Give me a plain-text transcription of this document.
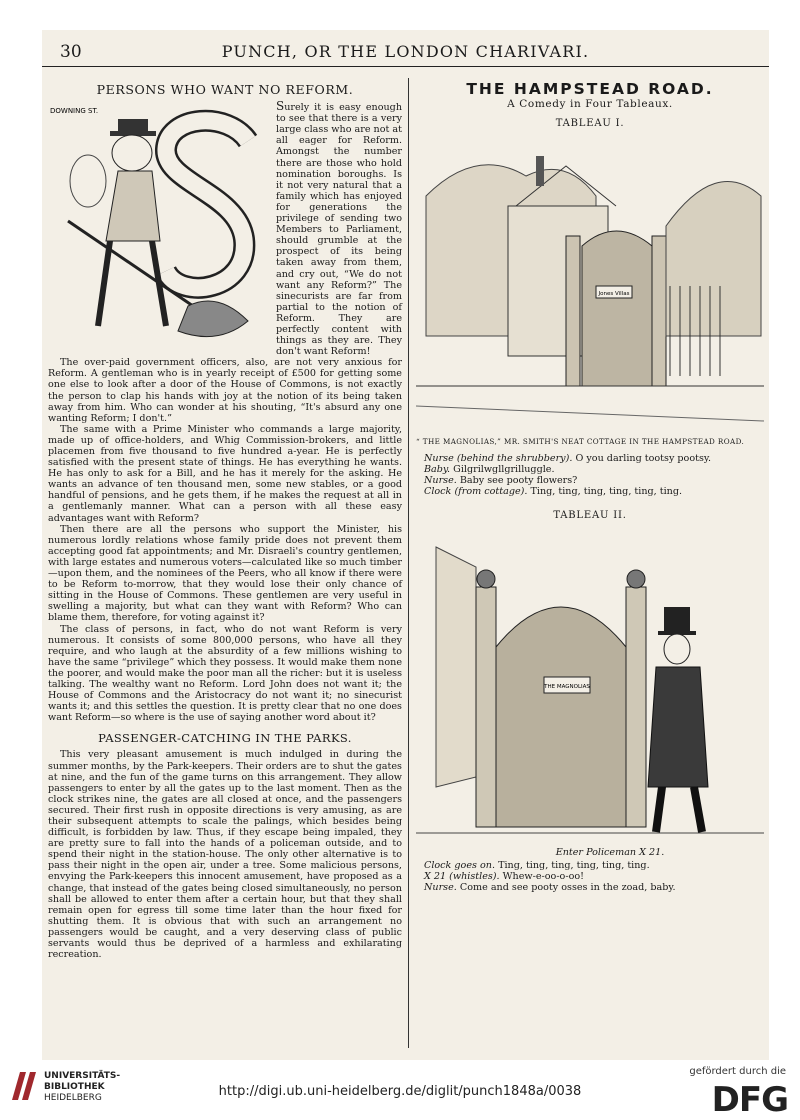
30	PUNCH, OR THE LONDON CHARIVARI.
PERSONS WHO WANT NO REFORM.
DOWNING ST.	Surely it is easy enough to see that there is a very large class who are not at all eager for Reform. Amongst the number there are those who hold nomination boroughs. Is it not very natural that a family which has enjoyed for generations the privilege of sending two Members to Parliament, should grumble at the prospect of its being taken away from them, and cry out, “We do not want any Reform?” The sinecurists are far from partial to the notion of Reform. They are perfectly content with things as they are. They don't want Reform!

The over-paid government officers, also, are not very anxious for Reform. A gentleman who is in yearly receipt of £500 for getting some one else to look after a door of the House of Commons, is not exactly the person to clap his hands with joy at the notion of its being taken away from him. Who can wonder at his shouting, “It's absurd any one wanting Reform; I don't.”

The same with a Prime Minister who commands a large majority, made up of office-holders, and Whig Commission-brokers, and little placemen from five thousand to five hundred a-year. He is perfectly satisfied with the present state of things. He has everything he wants. He has only to ask for a Bill, and he has it merely for the asking. He wants an advance of ten thousand men, some new stables, or a good handful of pensions, and he gets them, if he makes the request at all in a gentlemanly manner. What can a person with all these easy advantages want with Reform?

Then there are all the persons who support the Minister, his numerous lordly relations whose family pride does not prevent them accepting good fat appointments; and Mr. Disraeli's country gentlemen, with large estates and numerous voters—calculated like so much timber—upon them, and the nominees of the Peers, who all know if there were to be Reform to-morrow, that they would lose their only chance of sitting in the House of Commons. These gentlemen are very useful in swelling a majority, but what can they want with Reform? Who can blame them, therefore, for voting against it?

The class of persons, in fact, who do not want Reform is very numerous. It consists of some 800,000 persons, who have all they require, and who laugh at the absurdity of a few millions wishing to have the same “privilege” which they possess. It would make them none the poorer, and would make the poor man all the richer: but it is useless talking. The wealthy want no Reform. Lord John does not want it; the House of Commons and the Aristocracy do not want it; no sinecurist wants it; and this settles the question. It is pretty clear that no one does want Reform—so where is the use of saying another word about it?

PASSENGER-CATCHING IN THE PARKS.

This very pleasant amusement is much indulged in during the summer months, by the Park-keepers. Their orders are to shut the gates at nine, and the fun of the game turns on this arrangement. They allow passengers to enter by all the gates up to the last moment. Then as the clock strikes nine, the gates are all closed at once, and the passengers secured. Their first rush in opposite directions is very amusing, as are their subsequent attempts to scale the palings, which besides being difficult, is forbidden by law. Thus, if they escape being impaled, they are pretty sure to fall into the hands of a policeman outside, and to spend their night in the station-house. The only other alternative is to pass their night in the open air, under a tree. Some malicious persons, envying the Park-keepers this innocent amusement, have proposed as a change, that instead of the gates being closed simultaneously, no person shall be allowed to enter them after a certain hour, but that they shall remain open for egress till some time later than the hour fixed for shutting them. It is obvious that with such an arrangement no passengers would be caught, and a very deserving class of public servants would thus be deprived of a harmless and exhilarating recreation.

THE HAMPSTEAD ROAD.
A Comedy in Four Tableaux.
TABLEAU I.
Jones Villas
“ THE MAGNOLIAS,” MR. SMITH'S NEAT COTTAGE IN THE HAMPSTEAD ROAD.
Nurse (behind the shrubbery). O you darling tootsy pootsy.
Baby. Gilgrilwgllgrilluggle.
Nurse. Baby see pooty flowers?
Clock (from cottage). Ting, ting, ting, ting, ting, ting.
TABLEAU II.
THE MAGNOLIAS
Enter Policeman X 21.
Clock goes on. Ting, ting, ting, ting, ting, ting.
X 21 (whistles). Whew-e-oo-o-oo!
Nurse. Come and see pooty osses in the zoad, baby.
UNIVERSITÄTS-
BIBLIOTHEK
HEIDELBERG	http://digi.ub.uni-heidelberg.de/diglit/punch1848a/0038
gefördert durch die
DFG
